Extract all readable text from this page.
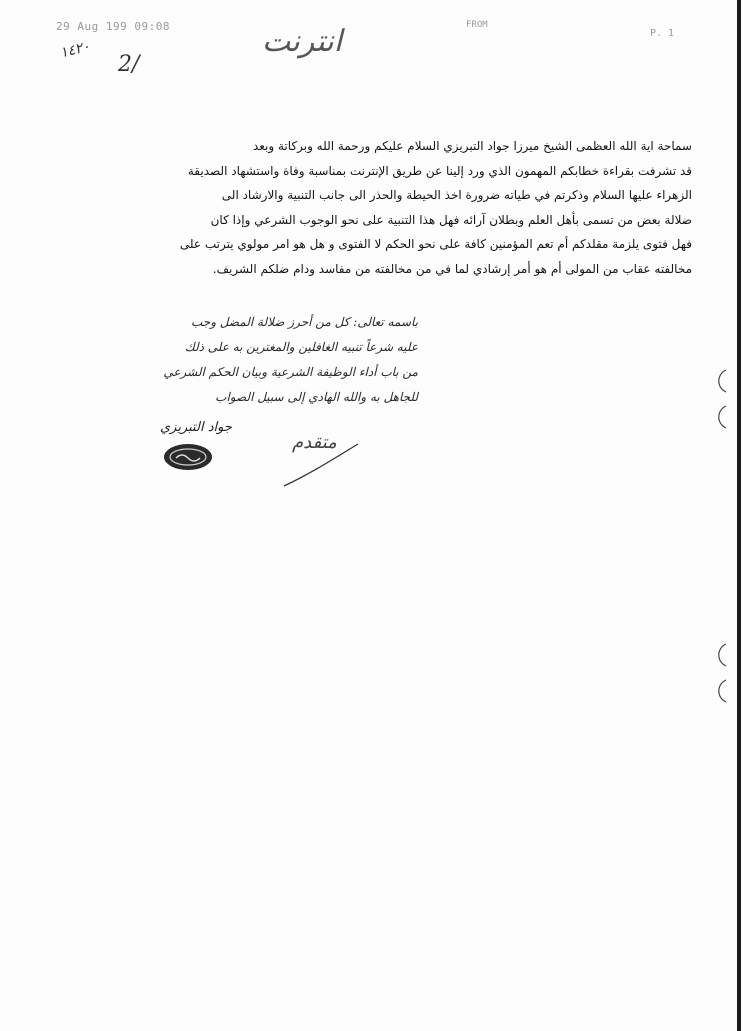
29 Aug 199 09:08	FROM
P. 1
انترنت
١٤٢٠
2/

سماحة اية الله العظمى الشيخ ميرزا جواد التبريزي السلام عليكم ورحمة الله وبركاتة وبعد

قد تشرفت بقراءة خطابكم المهمون الذي ورد إلينا عن طريق الإنترنت بمناسبة وفاة واستشهاد الصديقة

الزهراء عليها السلام وذكرتم في طياته ضرورة اخذ الحيطة والحذر الى جانب التنبية والارشاد الى

ضلالة بعض من تسمى بأهل العلم وبطلان آرائه فهل هذا التنبية على نحو الوجوب الشرعي وإذا كان

فهل فتوى يلزمة مقلدكم أم تعم المؤمنين كافة على نحو الحكم لا الفتوى و هل هو امر مولوي يترتب على

مخالفته عقاب من المولى أم هو أمر إرشادي لما في من مخالفته من مفاسد ودام ضلكم الشريف.

باسمه تعالى: كل من أحرز ضلالة المضل وجب

عليه شرعاً تنبيه الغافلين والمغترين به على ذلك

من باب أداء الوظيفة الشرعية وبيان الحكم الشرعي

للجاهل به والله الهادي إلى سبيل الصواب

جواد التبريزي
متقدم
